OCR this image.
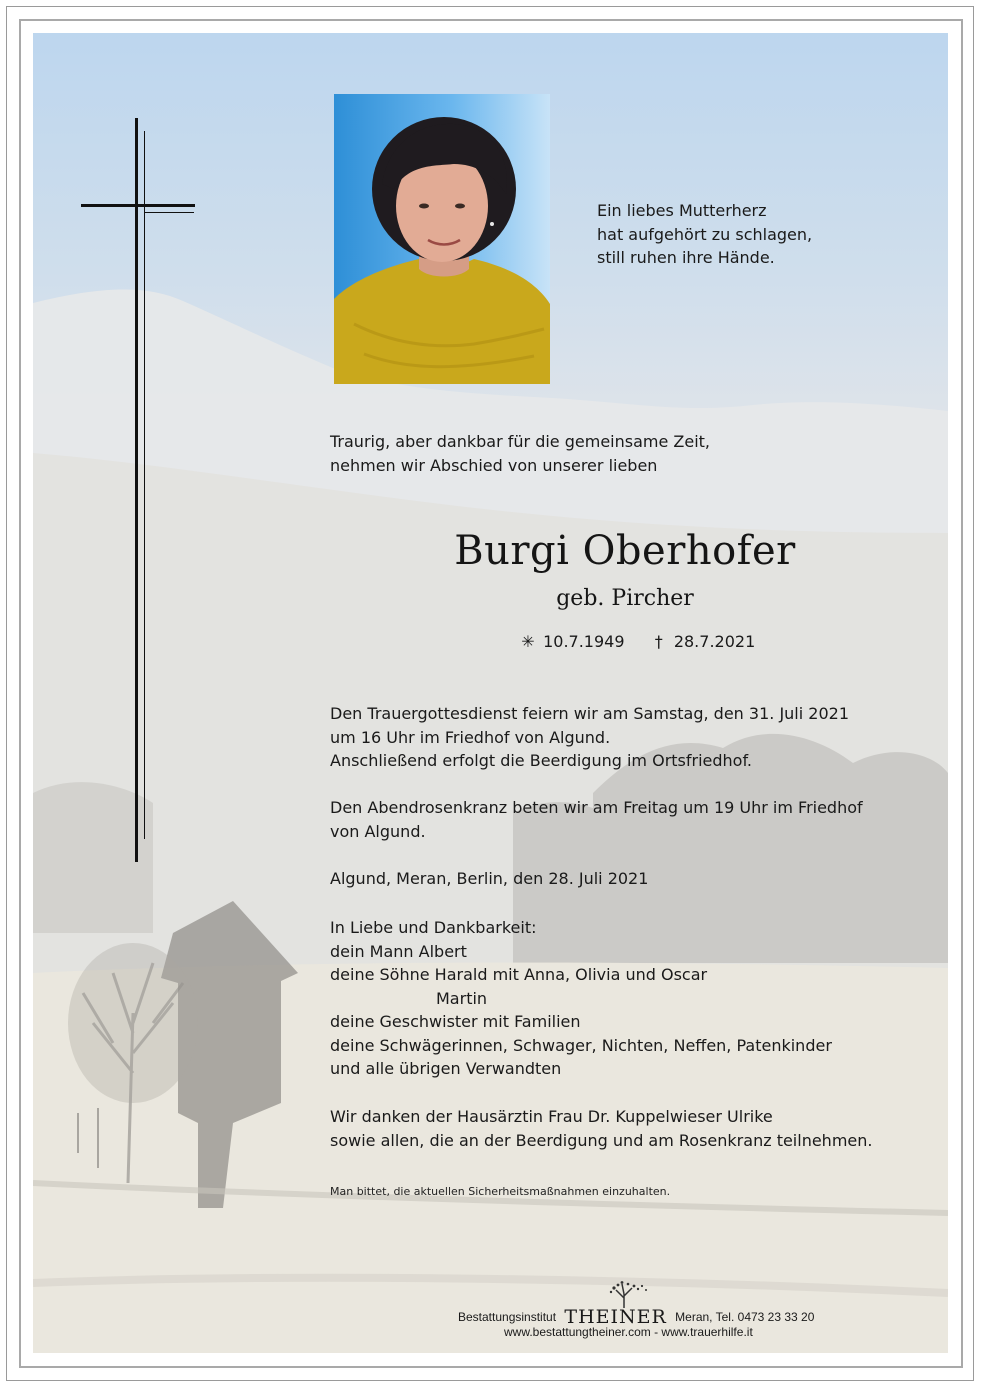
Ein liebes Mutterherz
hat aufgehört zu schlagen,
still ruhen ihre Hände.
Traurig, aber dankbar für die gemeinsame Zeit,
nehmen wir Abschied von unserer lieben
Burgi Oberhofer
geb. Pircher
✳ 10.7.1949 † 28.7.2021
Den Trauergottesdienst feiern wir am Samstag, den 31. Juli 2021
um 16 Uhr im Friedhof von Algund.
Anschließend erfolgt die Beerdigung im Ortsfriedhof.
Den Abendrosenkranz beten wir am Freitag um 19 Uhr im Friedhof
von Algund.
Algund, Meran, Berlin, den 28. Juli 2021
In Liebe und Dankbarkeit:
dein Mann Albert
deine Söhne Harald mit Anna, Olivia und Oscar
Martin
deine Geschwister mit Familien
deine Schwägerinnen, Schwager, Nichten, Neffen, Patenkinder
und alle übrigen Verwandten
Wir danken der Hausärztin Frau Dr. Kuppelwieser Ulrike
sowie allen, die an der Beerdigung und am Rosenkranz teilnehmen.
Man bittet, die aktuellen Sicherheitsmaßnahmen einzuhalten.
Bestattungsinstitut THEINER Meran, Tel. 0473 23 33 20
www.bestattungtheiner.com - www.trauerhilfe.it
